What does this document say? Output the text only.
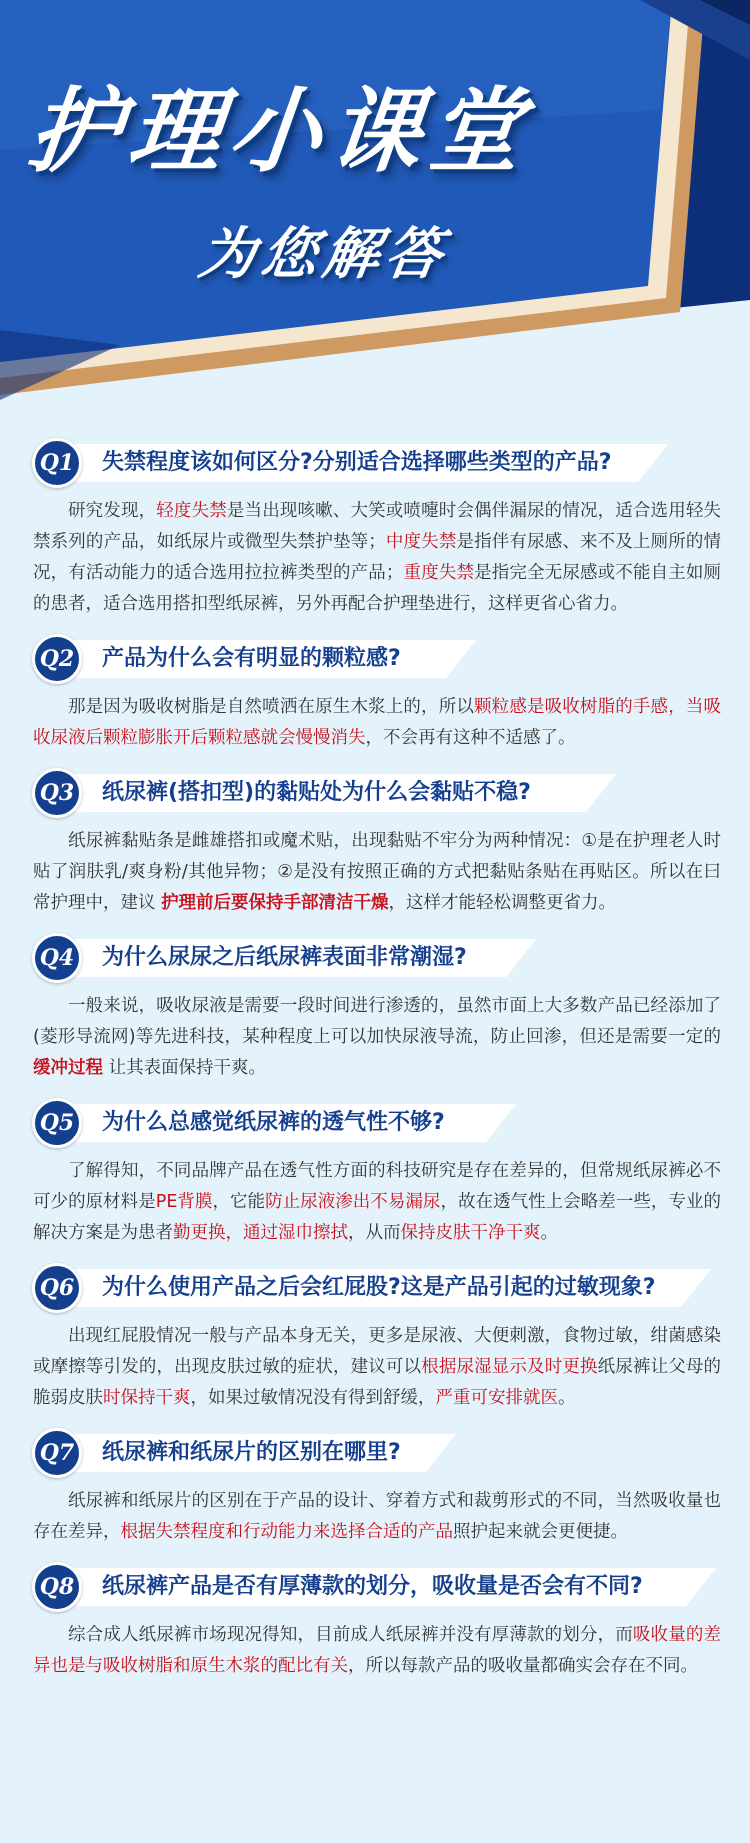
护理小课堂
为您解答
Q1	失禁程度该如何区分?分别适合选择哪些类型的产品?
研究发现，轻度失禁是当出现咳嗽、大笑或喷嚏时会偶伴漏尿的情况，适合选用轻失禁系列的产品，如纸尿片或微型失禁护垫等；中度失禁是指伴有尿感、来不及上厕所的情况，有活动能力的适合选用拉拉裤类型的产品；重度失禁是指完全无尿感或不能自主如厕的患者，适合选用搭扣型纸尿裤，另外再配合护理垫进行，这样更省心省力。
Q2	产品为什么会有明显的颗粒感?
那是因为吸收树脂是自然喷洒在原生木浆上的，所以颗粒感是吸收树脂的手感，当吸收尿液后颗粒膨胀开后颗粒感就会慢慢消失，不会再有这种不适感了。
Q3	纸尿裤(搭扣型)的黏贴处为什么会黏贴不稳?
纸尿裤黏贴条是雌雄搭扣或魔术贴，出现黏贴不牢分为两种情况：①是在护理老人时贴了润肤乳/爽身粉/其他异物；②是没有按照正确的方式把黏贴条贴在再贴区。所以在曰常护理中，建议 护理前后要保持手部清洁干燥，这样才能轻松调整更省力。
Q4	为什么尿尿之后纸尿裤表面非常潮湿?
一般来说，吸收尿液是需要一段时间进行渗透的，虽然市面上大多数产品已经添加了(菱形导流网)等先进科技，某种程度上可以加快尿液导流，防止回渗，但还是需要一定的 缓冲过程 让其表面保持干爽。
Q5	为什么总感觉纸尿裤的透气性不够?
了解得知，不同品牌产品在透气性方面的科技研究是存在差异的，但常规纸尿裤必不可少的原材料是PE背膜，它能防止尿液渗出不易漏尿，故在透气性上会略差一些，专业的解决方案是为患者勤更换，通过湿巾擦拭，从而保持皮肤干净干爽。
Q6	为什么使用产品之后会红屁股?这是产品引起的过敏现象?
出现红屁股情况一般与产品本身无关，更多是尿液、大便刺激，食物过敏，绀菌感染或摩擦等引发的，出现皮肤过敏的症状，建议可以根据尿湿显示及时更换纸尿裤让父母的脆弱皮肤时保持干爽，如果过敏情况没有得到舒缓，严重可安排就医。
Q7	纸尿裤和纸尿片的区别在哪里?
纸尿裤和纸尿片的区别在于产品的设计、穿着方式和裁剪形式的不同，当然吸收量也存在差异，根据失禁程度和行动能力来选择合适的产品照护起来就会更便捷。
Q8	纸尿裤产品是否有厚薄款的划分，吸收量是否会有不同?
综合成人纸尿裤市场现况得知，目前成人纸尿裤并没有厚薄款的划分，而吸收量的差异也是与吸收树脂和原生木浆的配比有关，所以每款产品的吸收量都确实会存在不同。
